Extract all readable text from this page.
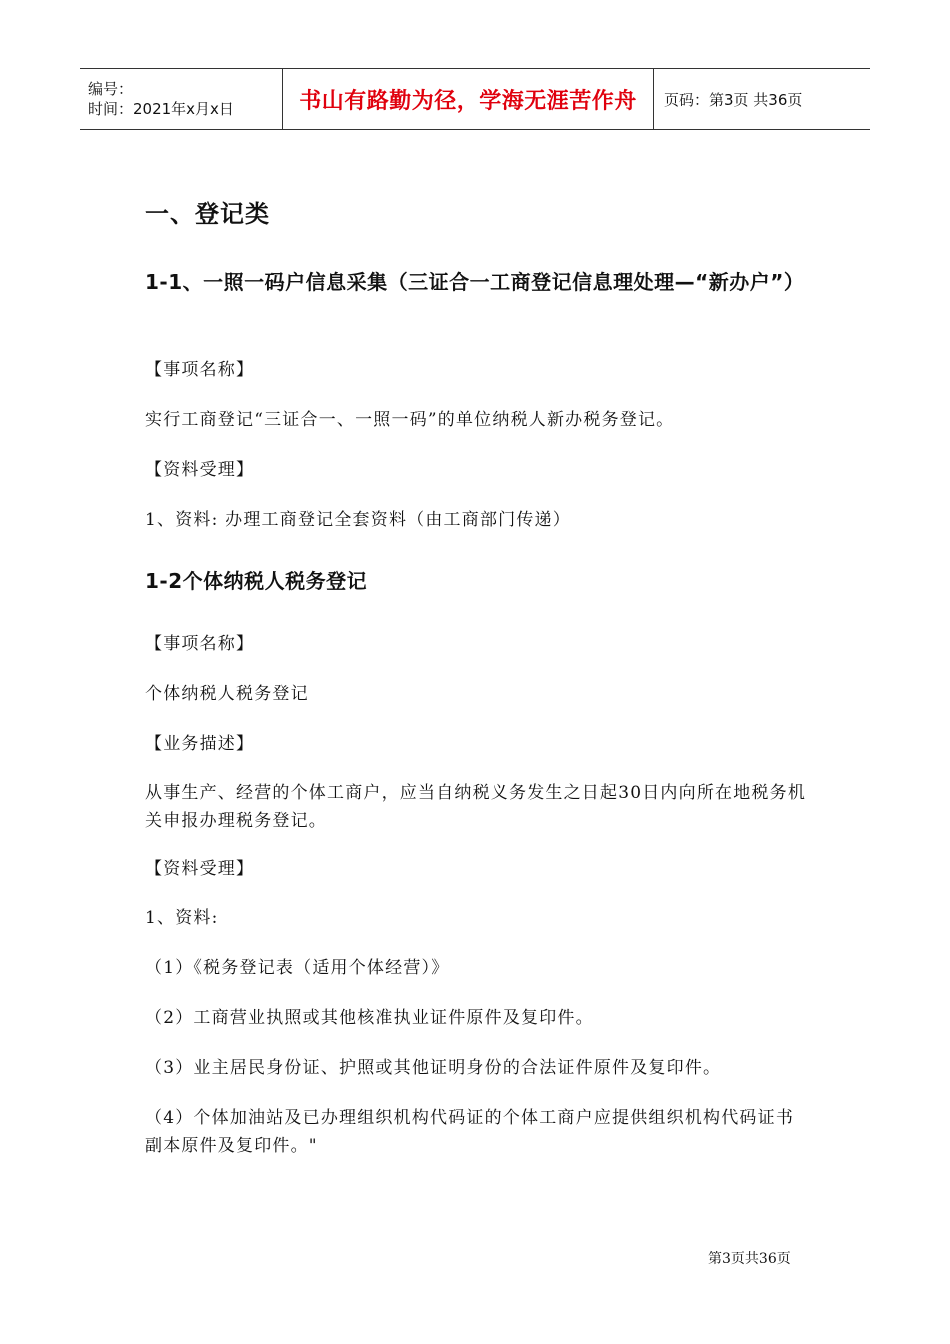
编号：
时间：2021年x月x日	书山有路勤为径，学海无涯苦作舟	页码：第3页 共36页
一、登记类
1-1、一照一码户信息采集（三证合一工商登记信息理处理—“新办户”）
【事项名称】
实行工商登记“三证合一、一照一码”的单位纳税人新办税务登记。
【资料受理】
1、资料: 办理工商登记全套资料（由工商部门传递）
1-2个体纳税人税务登记
【事项名称】
个体纳税人税务登记
【业务描述】
从事生产、经营的个体工商户，应当自纳税义务发生之日起30日内向所在地税务机关申报办理税务登记。
【资料受理】
1、资料:
（1）《税务登记表（适用个体经营）》
（2）工商营业执照或其他核准执业证件原件及复印件。
（3）业主居民身份证、护照或其他证明身份的合法证件原件及复印件。
（4）个体加油站及已办理组织机构代码证的个体工商户应提供组织机构代码证书副本原件及复印件。"
第3页共36页
